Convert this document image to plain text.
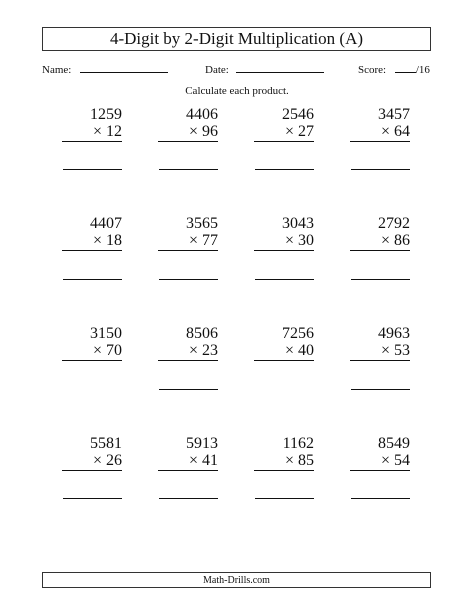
4-Digit by 2-Digit Multiplication (A)
Name:	Date:	Score:	/16
Calculate each product.
1259
× 12
4406
× 96
2546
× 27
3457
× 64
4407
× 18
3565
× 77
3043
× 30
2792
× 86
3150
× 70
8506
× 23
7256
× 40
4963
× 53
5581
× 26
5913
× 41
1162
× 85
8549
× 54
Math-Drills.com
